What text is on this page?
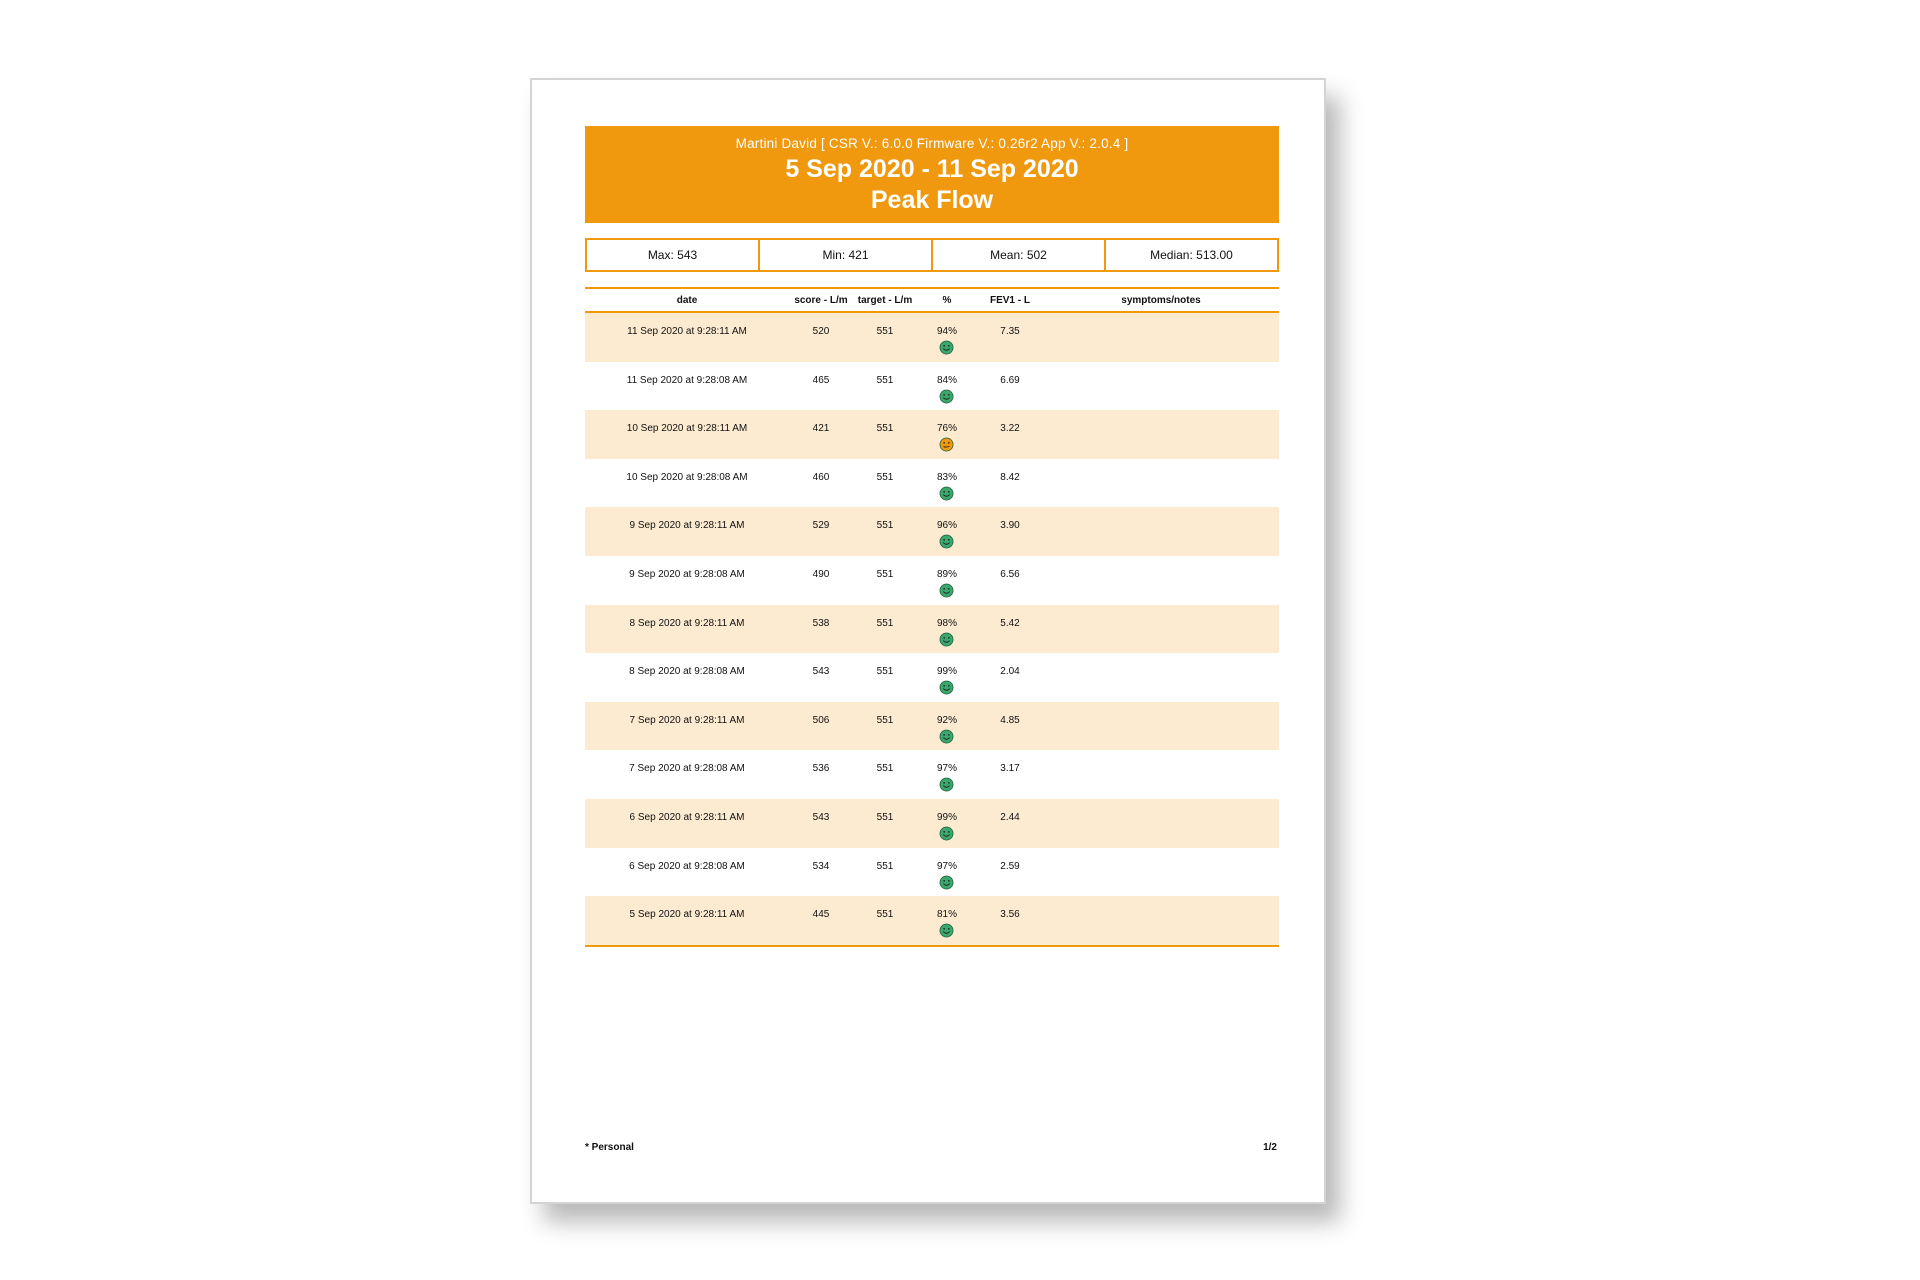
Martini David [ CSR V.: 6.0.0 Firmware V.: 0.26r2 App V.: 2.0.4 ]
5 Sep 2020 - 11 Sep 2020
Peak Flow
Max: 543	Min: 421	Mean: 502	Median: 513.00
date	score - L/m	target - L/m	%	FEV1 - L	symptoms/notes
11 Sep 2020 at 9:28:11 AM	520	551	94%	7.35
11 Sep 2020 at 9:28:08 AM	465	551	84%	6.69
10 Sep 2020 at 9:28:11 AM	421	551	76%	3.22
10 Sep 2020 at 9:28:08 AM	460	551	83%	8.42
9 Sep 2020 at 9:28:11 AM	529	551	96%	3.90
9 Sep 2020 at 9:28:08 AM	490	551	89%	6.56
8 Sep 2020 at 9:28:11 AM	538	551	98%	5.42
8 Sep 2020 at 9:28:08 AM	543	551	99%	2.04
7 Sep 2020 at 9:28:11 AM	506	551	92%	4.85
7 Sep 2020 at 9:28:08 AM	536	551	97%	3.17
6 Sep 2020 at 9:28:11 AM	543	551	99%	2.44
6 Sep 2020 at 9:28:08 AM	534	551	97%	2.59
5 Sep 2020 at 9:28:11 AM	445	551	81%	3.56
* Personal	1/2
